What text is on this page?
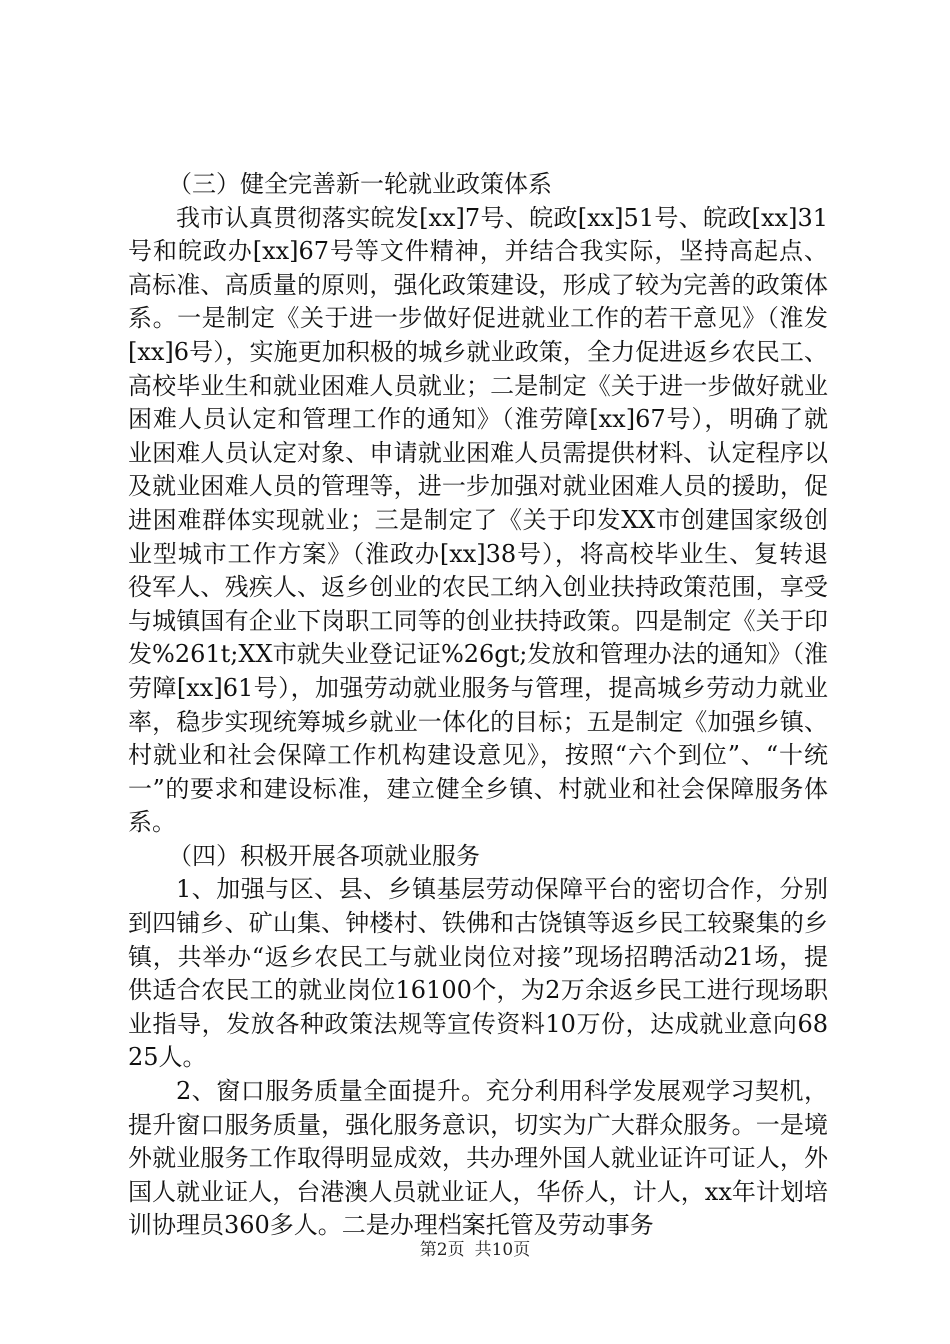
（三）健全完善新一轮就业政策体系

我市认真贯彻落实皖发[xx]7号、皖政[xx]51号、皖政[xx]31号和皖政办[xx]67号等文件精神，并结合我实际，坚持高起点、高标准、高质量的原则，强化政策建设，形成了较为完善的政策体系。一是制定《关于进一步做好促进就业工作的若干意见》（淮发[xx]6号），实施更加积极的城乡就业政策，全力促进返乡农民工、高校毕业生和就业困难人员就业；二是制定《关于进一步做好就业困难人员认定和管理工作的通知》（淮劳障[xx]67号），明确了就业困难人员认定对象、申请就业困难人员需提供材料、认定程序以及就业困难人员的管理等，进一步加强对就业困难人员的援助，促进困难群体实现就业；三是制定了《关于印发XX市创建国家级创业型城市工作方案》（淮政办[xx]38号），将高校毕业生、复转退役军人、残疾人、返乡创业的农民工纳入创业扶持政策范围，享受与城镇国有企业下岗职工同等的创业扶持政策。四是制定《关于印发%261t;XX市就失业登记证%26gt;发放和管理办法的通知》（淮劳障[xx]61号），加强劳动就业服务与管理，提高城乡劳动力就业率，稳步实现统筹城乡就业一体化的目标；五是制定《加强乡镇、村就业和社会保障工作机构建设意见》，按照“六个到位”、“十统一”的要求和建设标准，建立健全乡镇、村就业和社会保障服务体系。

（四）积极开展各项就业服务

1、加强与区、县、乡镇基层劳动保障平台的密切合作，分别到四铺乡、矿山集、钟楼村、铁佛和古饶镇等返乡民工较聚集的乡镇，共举办“返乡农民工与就业岗位对接”现场招聘活动21场，提供适合农民工的就业岗位16100个，为2万余返乡民工进行现场职业指导，发放各种政策法规等宣传资料10万份，达成就业意向6825人。

2、窗口服务质量全面提升。充分利用科学发展观学习契机，提升窗口服务质量，强化服务意识，切实为广大群众服务。一是境外就业服务工作取得明显成效，共办理外国人就业证许可证人，外国人就业证人，台港澳人员就业证人，华侨人，计人，xx年计划培训协理员360多人。二是办理档案托管及劳动事务

第2页 共10页
